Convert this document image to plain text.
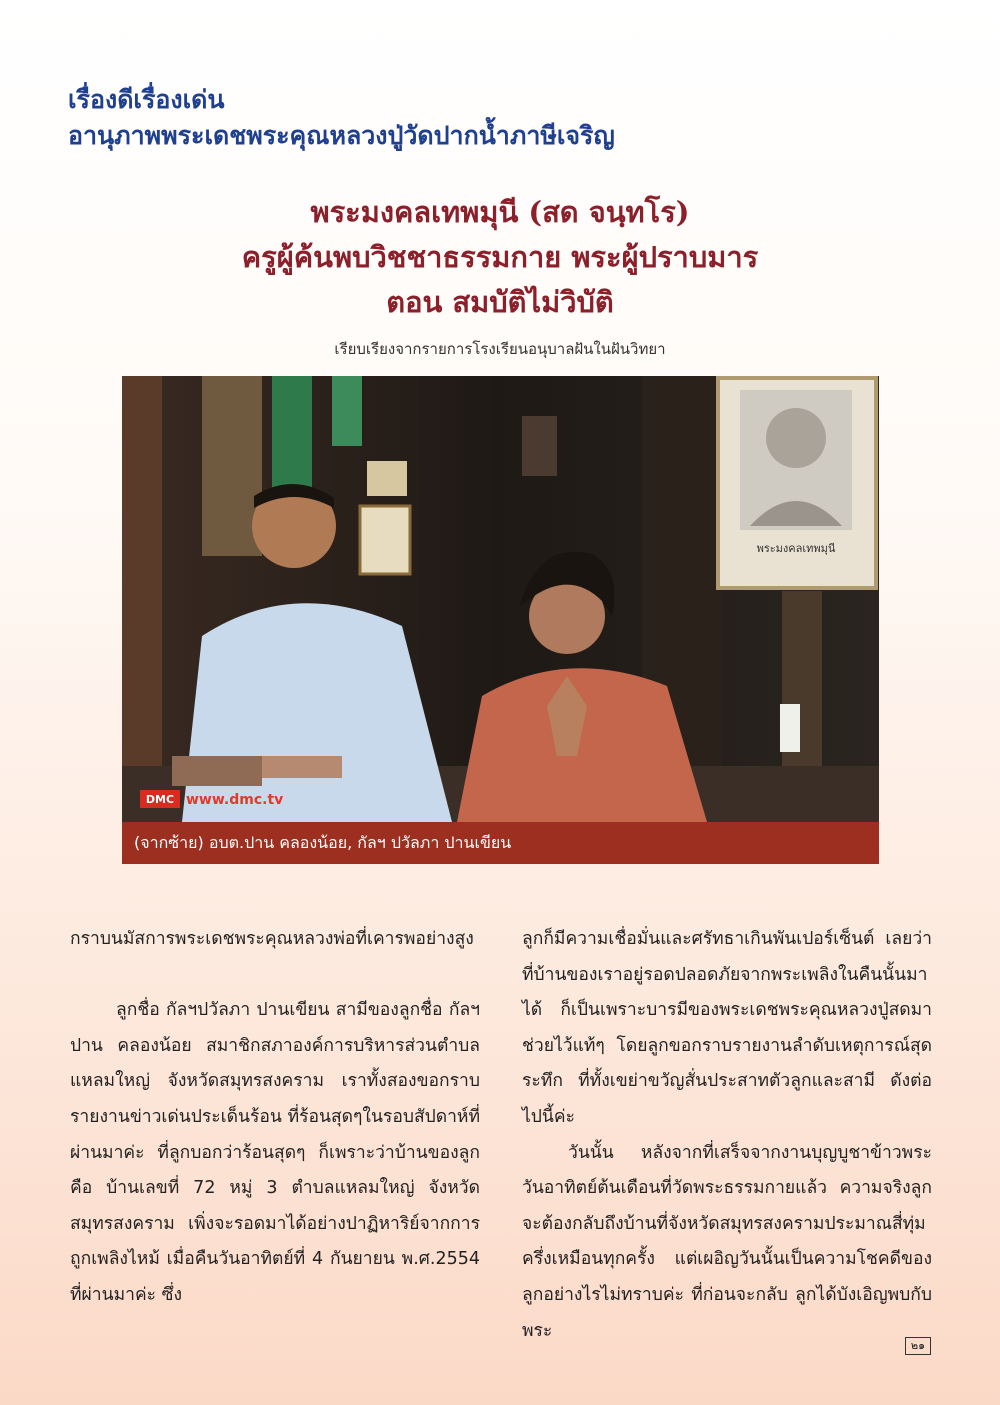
เรื่องดีเรื่องเด่น
อานุภาพพระเดชพระคุณหลวงปู่วัดปากน้ำภาษีเจริญ
พระมงคลเทพมุนี (สด จนฺทโร)
ครูผู้ค้นพบวิชชาธรรมกาย พระผู้ปราบมาร
ตอน สมบัติไม่วิบัติ
เรียบเรียงจากรายการโรงเรียนอนุบาลฝันในฝันวิทยา
พระมงคลเทพมุนี
DMC www.dmc.tv
(จากซ้าย) อบต.ปาน คลองน้อย, กัลฯ ปวัลภา ปานเขียน

กราบนมัสการพระเดชพระคุณหลวงพ่อที่เคารพอย่างสูง

ลูกชื่อ กัลฯปวัลภา ปานเขียน สามีของลูกชื่อ กัลฯปาน คลองน้อย สมาชิกสภาองค์การบริหารส่วนตำบลแหลมใหญ่ จังหวัดสมุทรสงคราม เราทั้งสองขอกราบรายงานข่าวเด่นประเด็นร้อน ที่ร้อนสุดๆในรอบสัปดาห์ที่ผ่านมาค่ะ ที่ลูกบอกว่าร้อนสุดๆ ก็เพราะว่าบ้านของลูก คือ บ้านเลขที่ 72 หมู่ 3 ตำบลแหลมใหญ่ จังหวัดสมุทรสงคราม เพิ่งจะรอดมาได้อย่างปาฏิหาริย์จากการถูกเพลิงไหม้ เมื่อคืนวันอาทิตย์ที่ 4 กันยายน พ.ศ.2554 ที่ผ่านมาค่ะ ซึ่ง

ลูกก็มีความเชื่อมั่นและศรัทธาเกินพันเปอร์เซ็นต์ เลยว่า ที่บ้านของเราอยู่รอดปลอดภัยจากพระเพลิงในคืนนั้นมาได้ ก็เป็นเพราะบารมีของพระเดชพระคุณหลวงปู่สดมาช่วยไว้แท้ๆ โดยลูกขอกราบรายงานลำดับเหตุการณ์สุดระทึก ที่ทั้งเขย่าขวัญสั่นประสาทตัวลูกและสามี ดังต่อไปนี้ค่ะ

วันนั้น หลังจากที่เสร็จจากงานบุญบูชาข้าวพระวันอาทิตย์ต้นเดือนที่วัดพระธรรมกายแล้ว ความจริงลูกจะต้องกลับถึงบ้านที่จังหวัดสมุทรสงครามประมาณสี่ทุ่มครึ่งเหมือนทุกครั้ง แต่เผอิญวันนั้นเป็นความโชคดีของลูกอย่างไรไม่ทราบค่ะ ที่ก่อนจะกลับ ลูกได้บังเอิญพบกับพระ

๒๑
